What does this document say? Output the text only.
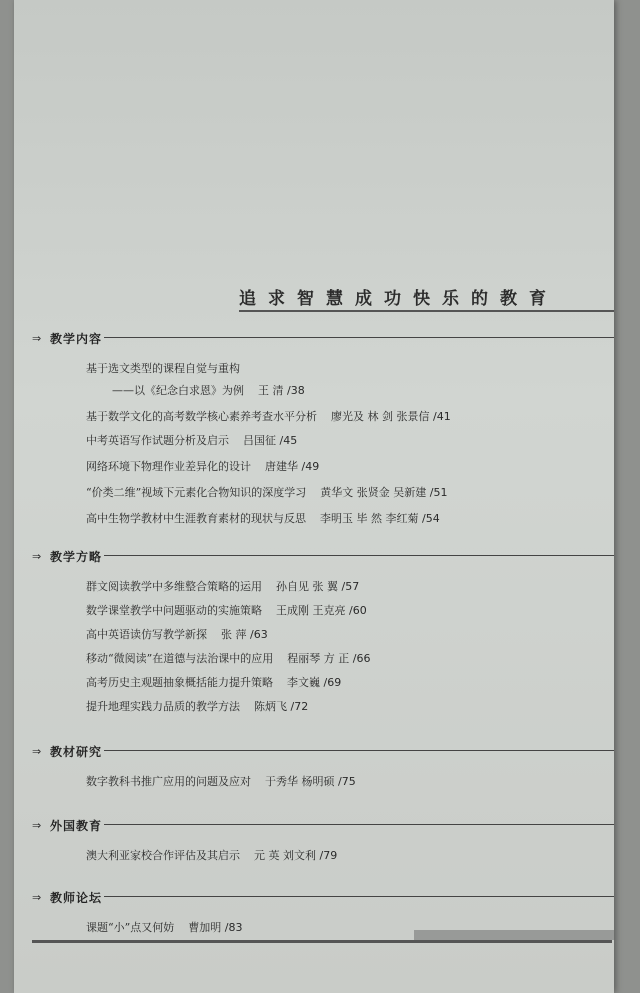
追求智慧成功快乐的教育
⇒ 教学内容
基于选文类型的课程自觉与重构
——以《纪念白求恩》为例 王 清 /38
基于数学文化的高考数学核心素养考查水平分析 廖光及 林 剑 张景信 /41
中考英语写作试题分析及启示 吕国征 /45
网络环境下物理作业差异化的设计 唐建华 /49
“价类二维”视域下元素化合物知识的深度学习 黄华文 张贤金 吴新建 /51
高中生物学教材中生涯教育素材的现状与反思 李明玉 毕 然 李红菊 /54
⇒ 教学方略
群文阅读教学中多维整合策略的运用 孙自见 张 翼 /57
数学课堂教学中问题驱动的实施策略 王成刚 王克亮 /60
高中英语读仿写教学新探 张 萍 /63
移动“微阅读”在道德与法治课中的应用 程丽琴 方 正 /66
高考历史主观题抽象概括能力提升策略 李文巍 /69
提升地理实践力品质的教学方法 陈炳飞 /72
⇒ 教材研究
数字教科书推广应用的问题及应对 于秀华 杨明硕 /75
⇒ 外国教育
澳大利亚家校合作评估及其启示 元 英 刘文利 /79
⇒ 教师论坛
课题“小”点又何妨 曹加明 /83
